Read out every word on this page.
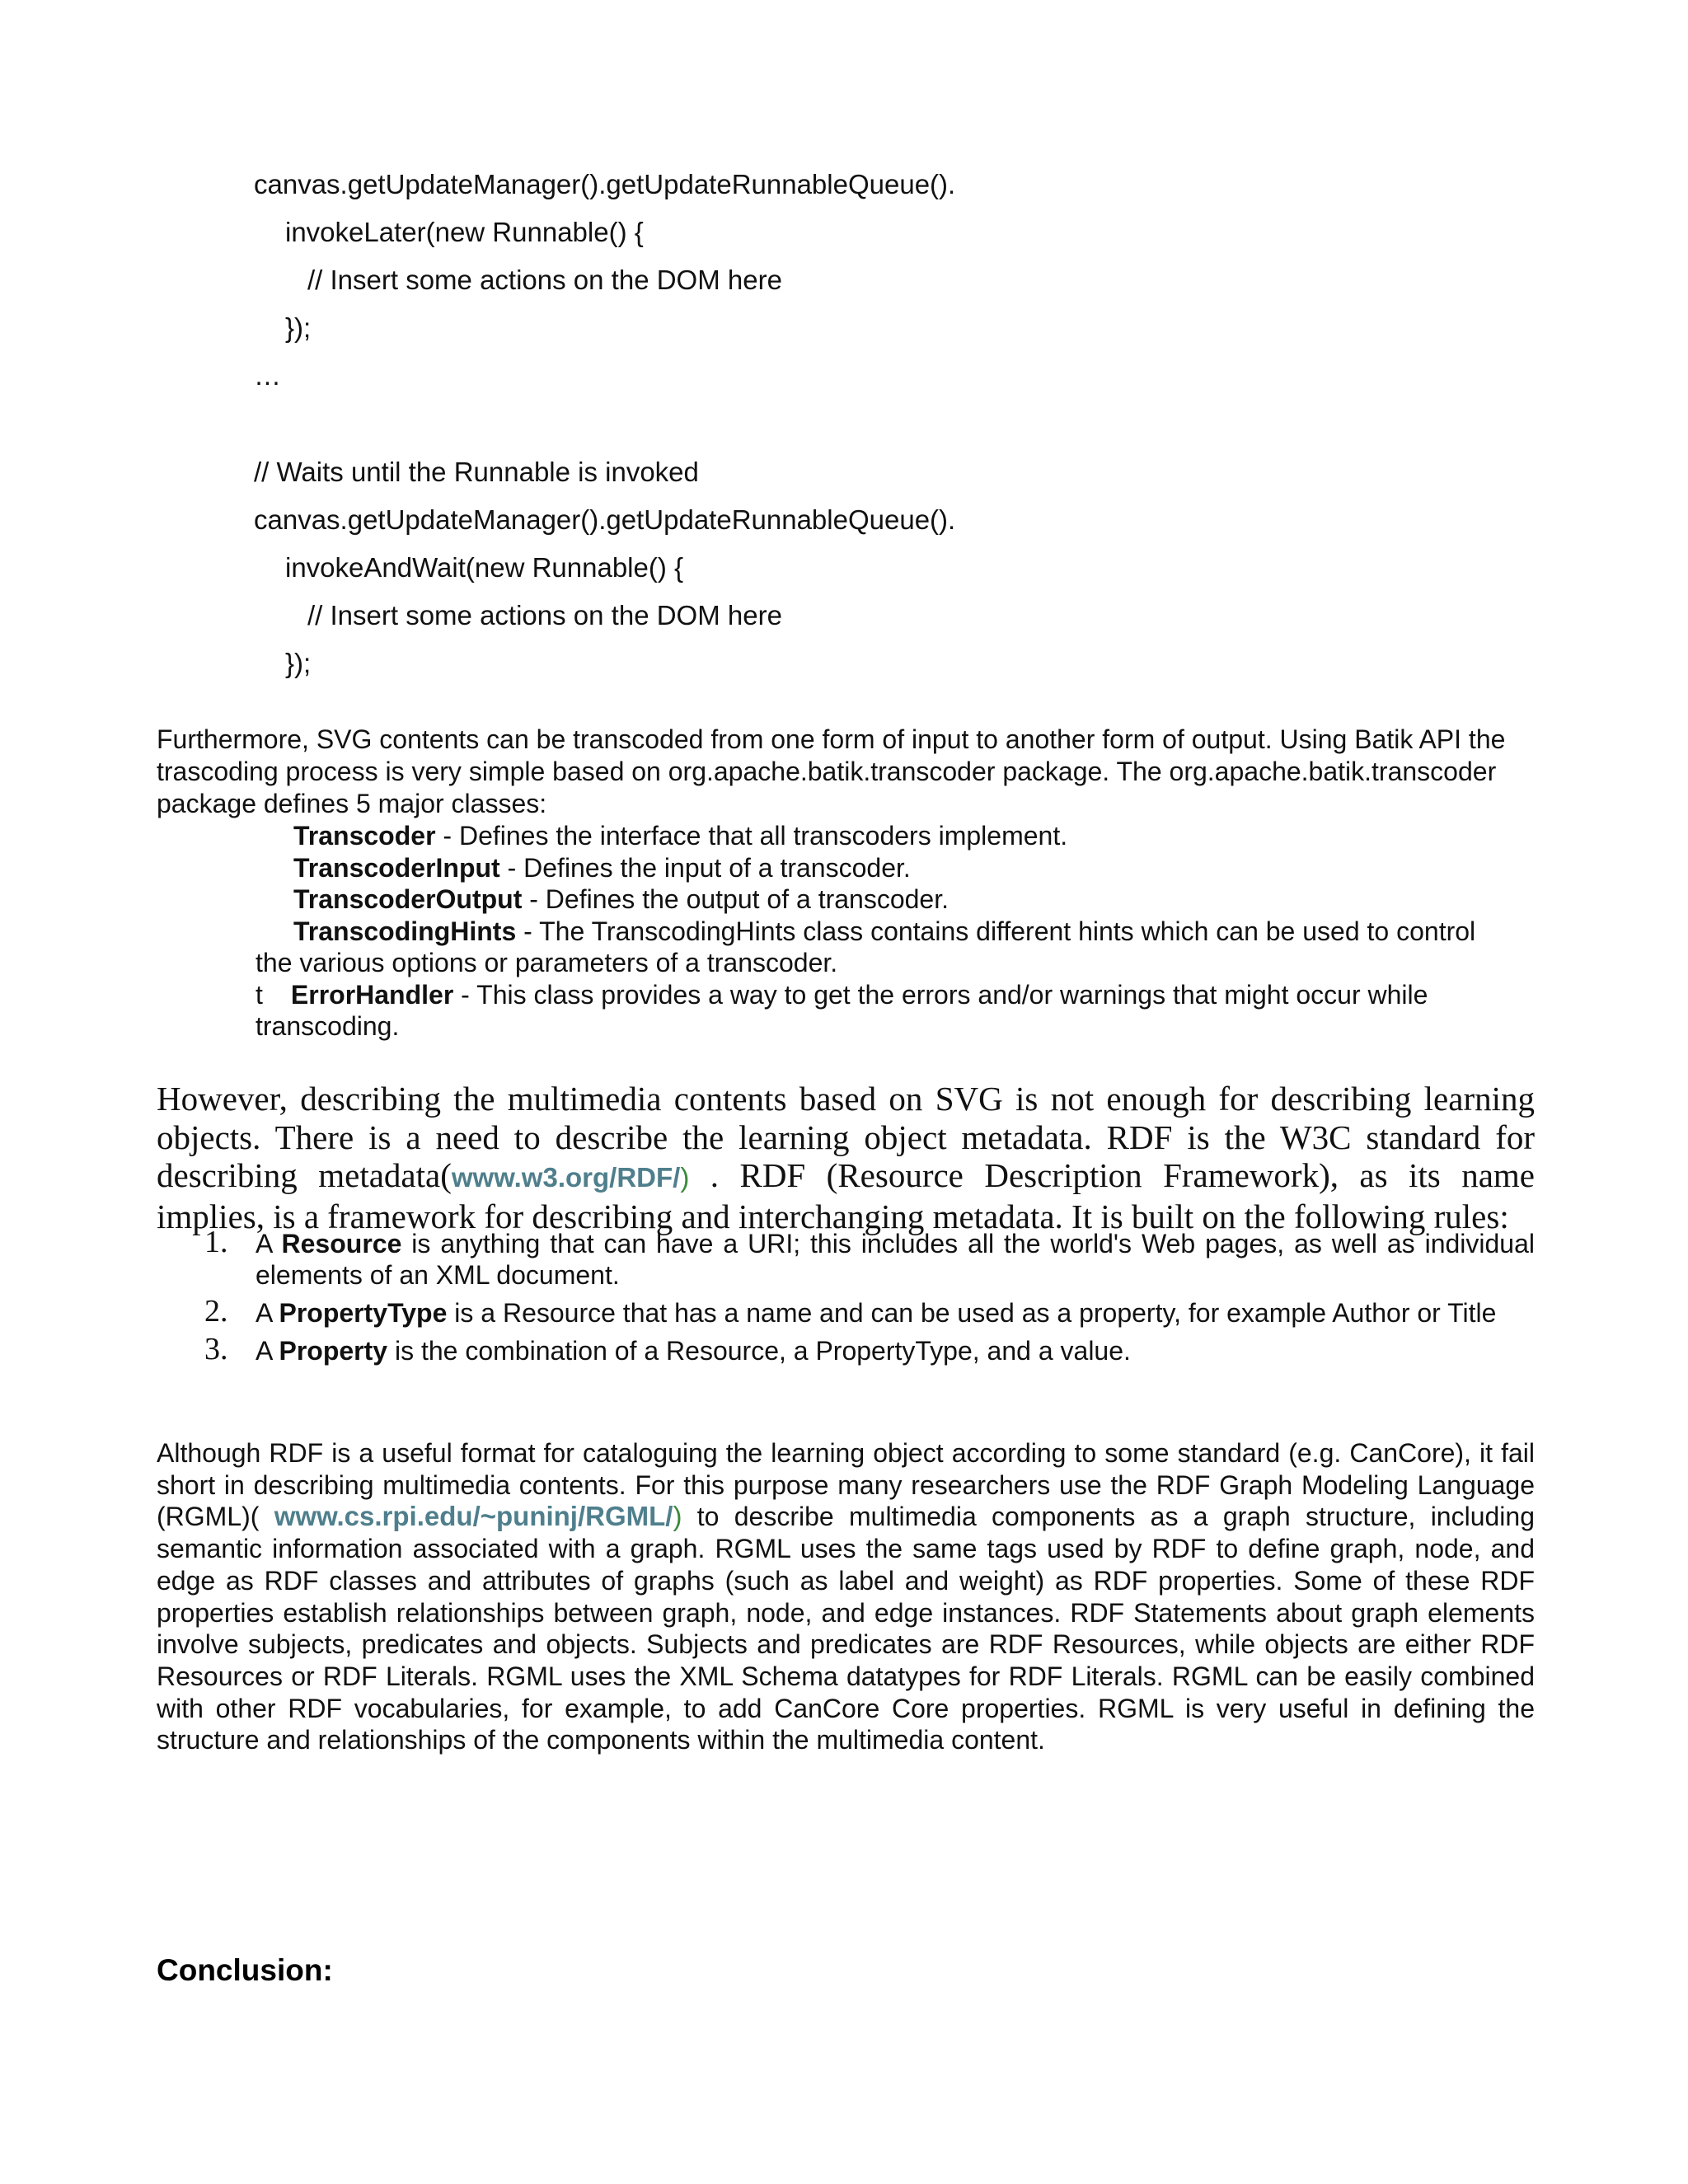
canvas.getUpdateManager().getUpdateRunnableQueue().
invokeLater(new Runnable() {
// Insert some actions on the DOM here
});
…
// Waits until the Runnable is invoked
canvas.getUpdateManager().getUpdateRunnableQueue().
invokeAndWait(new Runnable() {
// Insert some actions on the DOM here
});
Furthermore, SVG contents can be transcoded from one form of input to another form of output. Using Batik API the trascoding process is very simple based on org.apache.batik.transcoder package. The org.apache.batik.transcoder package defines 5 major classes:
Transcoder - Defines the interface that all transcoders implement.
TranscoderInput - Defines the input of a transcoder.
TranscoderOutput - Defines the output of a transcoder.
TranscodingHints - The TranscodingHints class contains different hints which can be used to control
the various options or parameters of a transcoder.
t ErrorHandler - This class provides a way to get the errors and/or warnings that might occur while
transcoding.
However, describing the multimedia contents based on SVG is not enough for describing learning objects. There is a need to describe the learning object metadata. RDF is the W3C standard for describing metadata(www.w3.org/RDF/) . RDF (Resource Description Framework), as its name implies, is a framework for describing and interchanging metadata. It is built on the following rules:
1. A Resource is anything that can have a URI; this includes all the world's Web pages, as well as individual elements of an XML document.
2. A PropertyType is a Resource that has a name and can be used as a property, for example Author or Title
3. A Property is the combination of a Resource, a PropertyType, and a value.
Although RDF is a useful format for cataloguing the learning object according to some standard (e.g. CanCore), it fail short in describing multimedia contents. For this purpose many researchers use the RDF Graph Modeling Language (RGML)( www.cs.rpi.edu/~puninj/RGML/) to describe multimedia components as a graph structure, including semantic information associated with a graph. RGML uses the same tags used by RDF to define graph, node, and edge as RDF classes and attributes of graphs (such as label and weight) as RDF properties. Some of these RDF properties establish relationships between graph, node, and edge instances. RDF Statements about graph elements involve subjects, predicates and objects. Subjects and predicates are RDF Resources, while objects are either RDF Resources or RDF Literals. RGML uses the XML Schema datatypes for RDF Literals. RGML can be easily combined with other RDF vocabularies, for example, to add CanCore Core properties. RGML is very useful in defining the structure and relationships of the components within the multimedia content.
Conclusion:
